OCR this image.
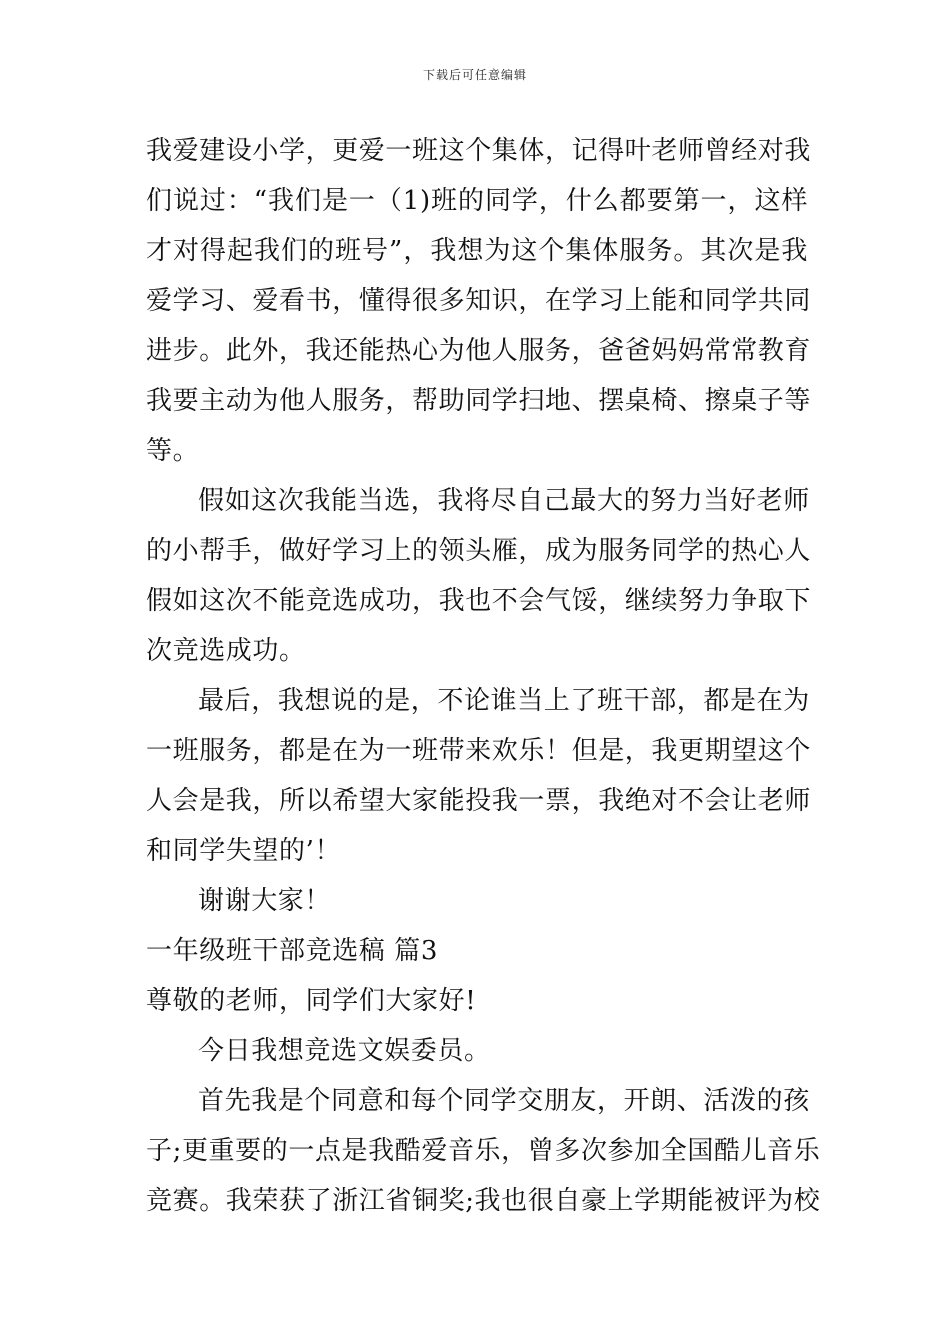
下载后可任意编辑
我爱建设小学，更爱一班这个集体，记得叶老师曾经对我
们说过：“我们是一（1)班的同学，什么都要第一，这样
才对得起我们的班号”，我想为这个集体服务。其次是我
爱学习、爱看书，懂得很多知识，在学习上能和同学共同
进步。此外，我还能热心为他人服务，爸爸妈妈常常教育
我要主动为他人服务，帮助同学扫地、摆桌椅、擦桌子等
等。
假如这次我能当选，我将尽自己最大的努力当好老师
的小帮手，做好学习上的领头雁，成为服务同学的热心人
假如这次不能竞选成功，我也不会气馁，继续努力争取下
次竞选成功。
最后，我想说的是，不论谁当上了班干部，都是在为
一班服务，都是在为一班带来欢乐！但是，我更期望这个
人会是我，所以希望大家能投我一票，我绝对不会让老师
和同学失望的’！
谢谢大家！
一年级班干部竞选稿 篇3
尊敬的老师，同学们大家好!
今日我想竞选文娱委员。
首先我是个同意和每个同学交朋友，开朗、活泼的孩
子;更重要的一点是我酷爱音乐，曾多次参加全国酷儿音乐
竞赛。我荣获了浙江省铜奖;我也很自豪上学期能被评为校
